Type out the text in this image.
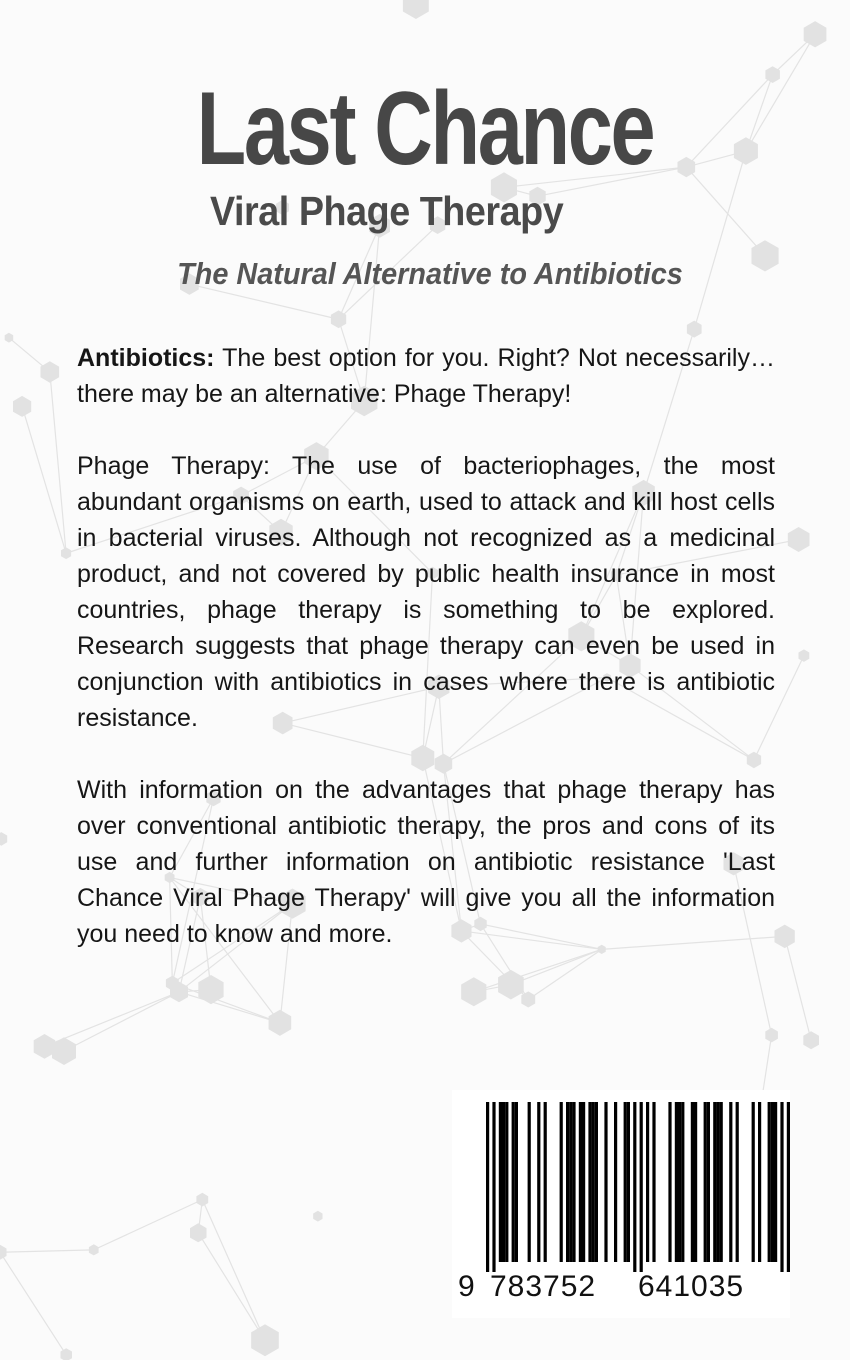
Last Chance
Viral Phage Therapy
The Natural Alternative to Antibiotics

Antibiotics: The best option for you. Right? Not necessarily… there may be an alternative: Phage Therapy!

Phage Therapy: The use of bacteriophages, the most abundant organisms on earth, used to attack and kill host cells in bacterial viruses. Although not recognized as a medicinal product, and not covered by public health insurance in most countries, phage therapy is something to be explored. Research suggests that phage therapy can even be used in conjunction with antibiotics in cases where there is antibiotic resistance.

With information on the advantages that phage therapy has over conventional antibiotic therapy, the pros and cons of its use and further information on antibiotic resistance 'Last Chance Viral Phage Therapy' will give you all the information you need to know and more.

9 783752 641035
